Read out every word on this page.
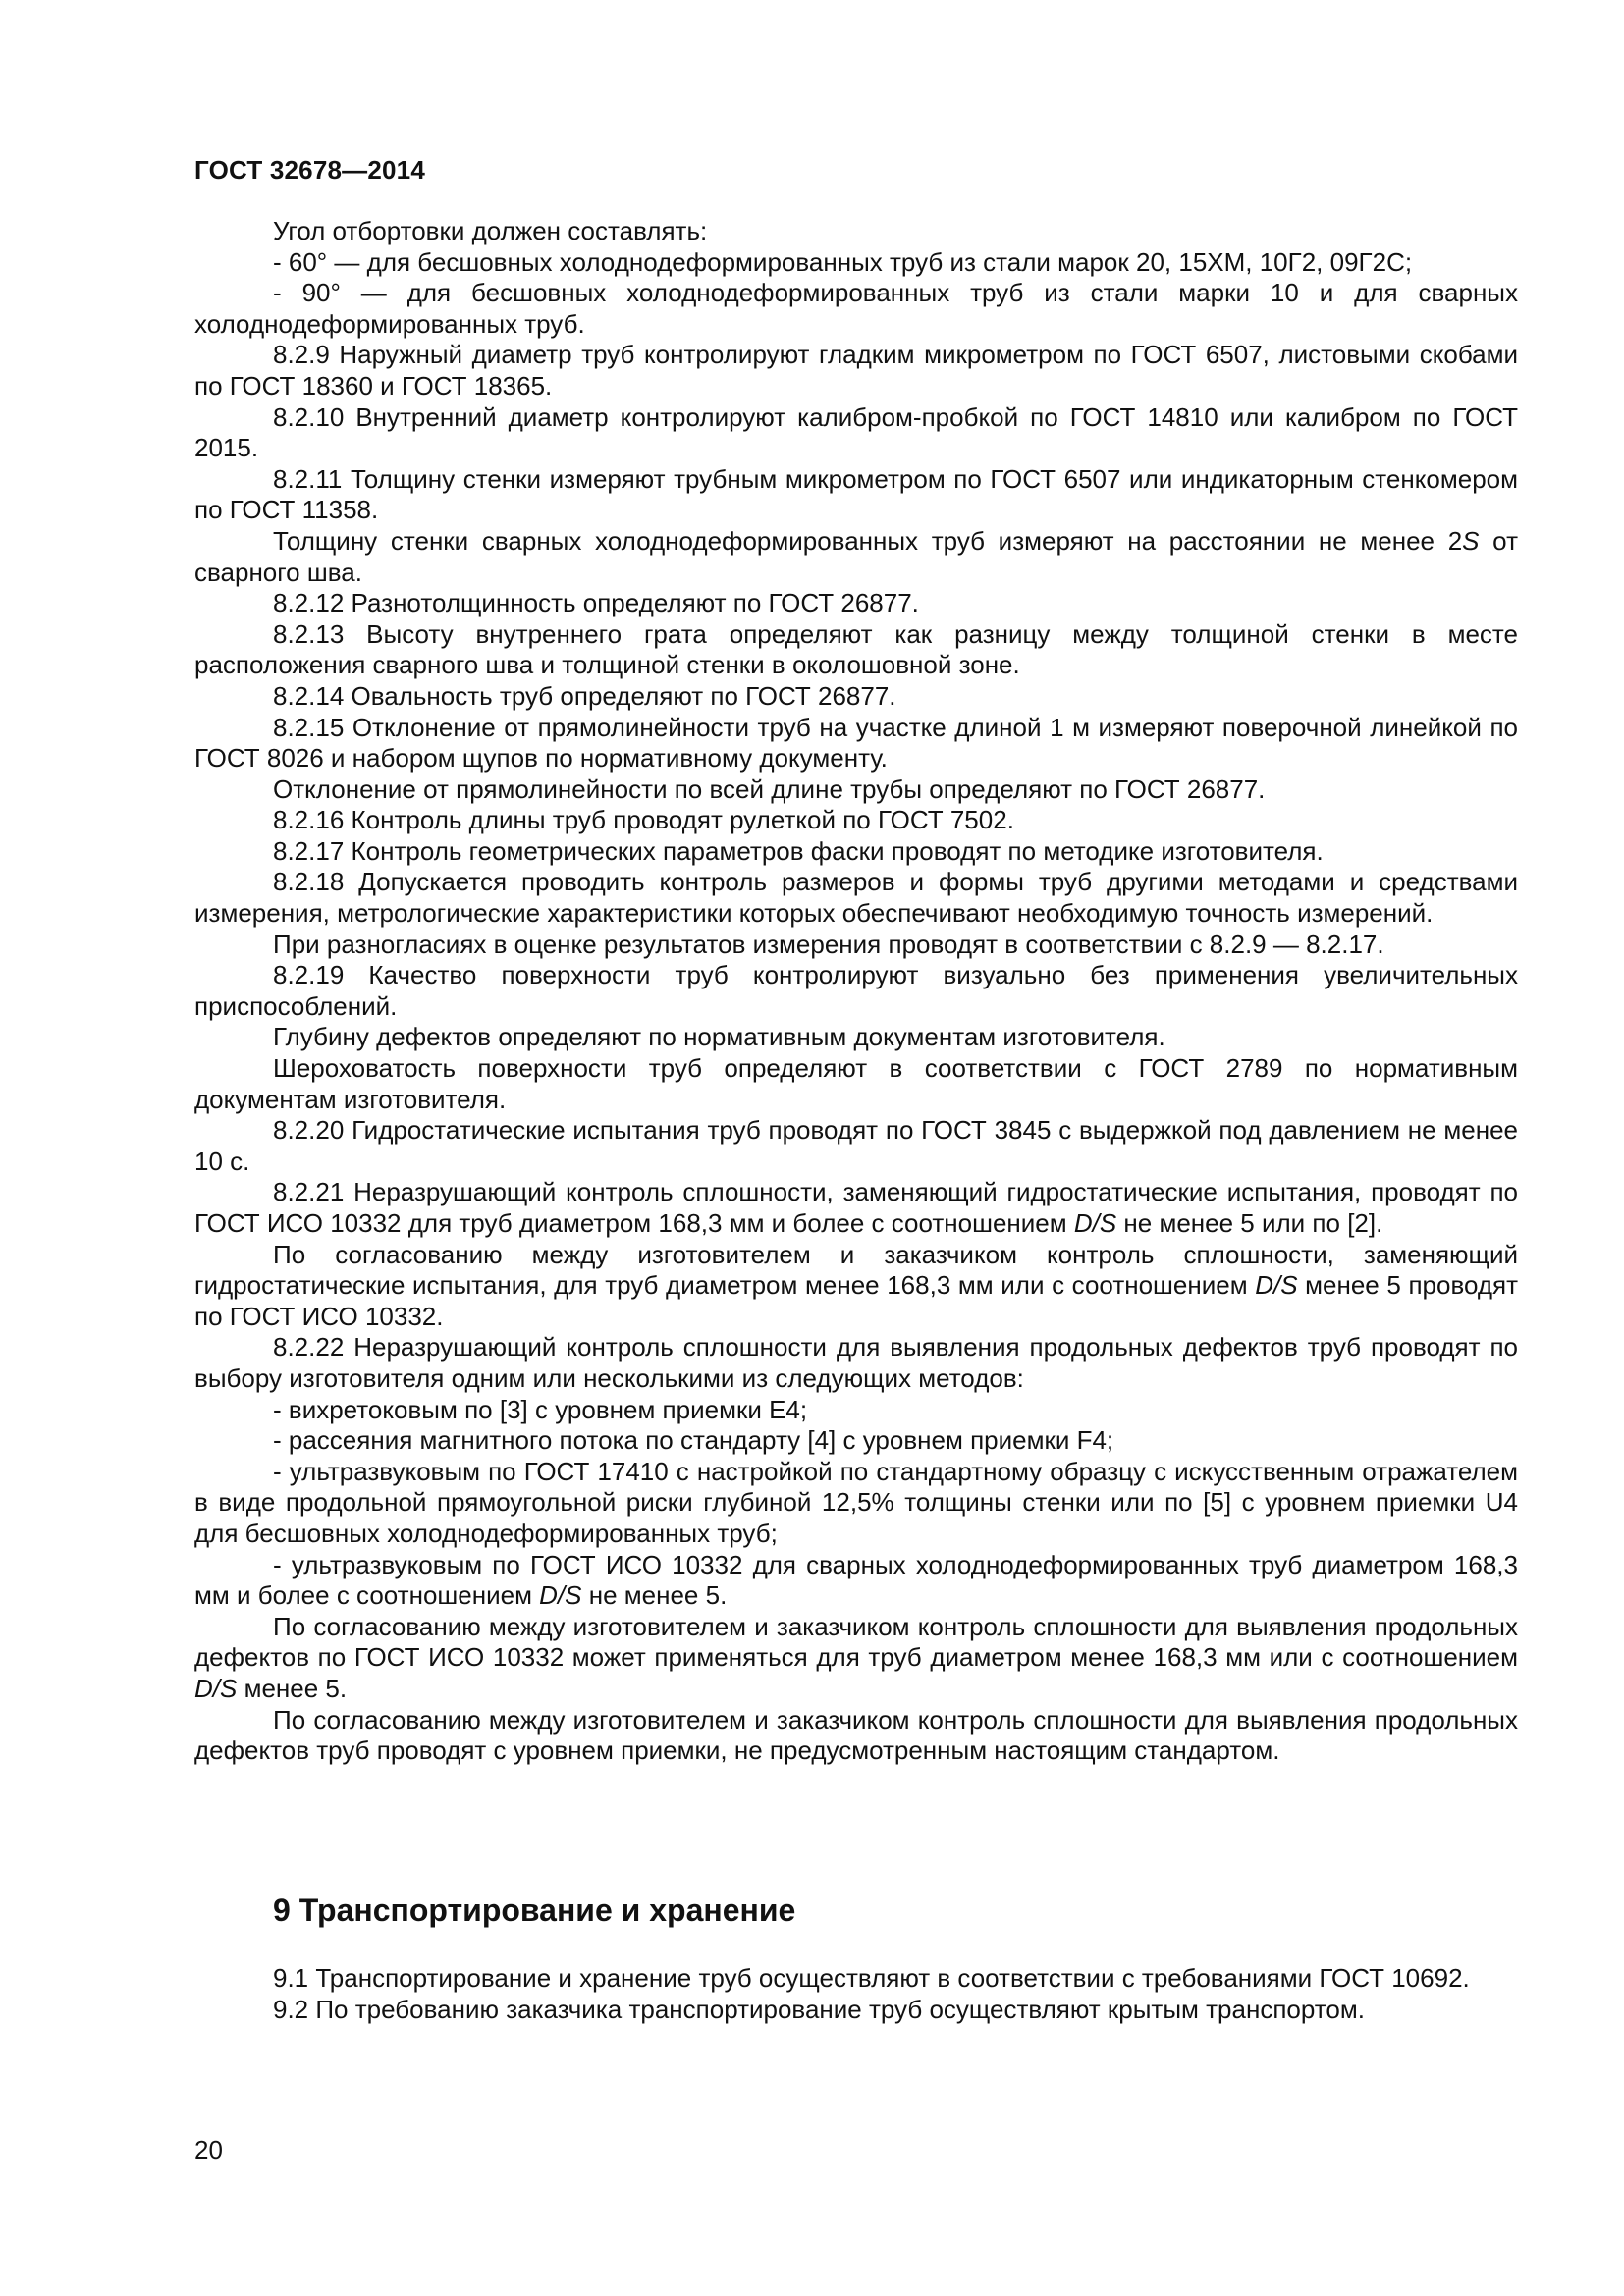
ГОСТ 32678—2014

Угол отбортовки должен составлять:

- 60° — для бесшовных холоднодеформированных труб из стали марок 20, 15ХМ, 10Г2, 09Г2С;

- 90° — для бесшовных холоднодеформированных труб из стали марки 10 и для сварных холоднодеформированных труб.

8.2.9 Наружный диаметр труб контролируют гладким микрометром по ГОСТ 6507, листовыми скобами по ГОСТ 18360 и ГОСТ 18365.

8.2.10 Внутренний диаметр контролируют калибром-пробкой по ГОСТ 14810 или калибром по ГОСТ 2015.

8.2.11 Толщину стенки измеряют трубным микрометром по ГОСТ 6507 или индикаторным стенкомером по ГОСТ 11358.

Толщину стенки сварных холоднодеформированных труб измеряют на расстоянии не менее 2S от сварного шва.

8.2.12 Разнотолщинность определяют по ГОСТ 26877.

8.2.13 Высоту внутреннего грата определяют как разницу между толщиной стенки в месте расположения сварного шва и толщиной стенки в околошовной зоне.

8.2.14 Овальность труб определяют по ГОСТ 26877.

8.2.15 Отклонение от прямолинейности труб на участке длиной 1 м измеряют поверочной линейкой по ГОСТ 8026 и набором щупов по нормативному документу.

Отклонение от прямолинейности по всей длине трубы определяют по ГОСТ 26877.

8.2.16 Контроль длины труб проводят рулеткой по ГОСТ 7502.

8.2.17 Контроль геометрических параметров фаски проводят по методике изготовителя.

8.2.18 Допускается проводить контроль размеров и формы труб другими методами и средствами измерения, метрологические характеристики которых обеспечивают необходимую точность измерений.

При разногласиях в оценке результатов измерения проводят в соответствии с 8.2.9 — 8.2.17.

8.2.19 Качество поверхности труб контролируют визуально без применения увеличительных приспособлений.

Глубину дефектов определяют по нормативным документам изготовителя.

Шероховатость поверхности труб определяют в соответствии с ГОСТ 2789 по нормативным документам изготовителя.

8.2.20 Гидростатические испытания труб проводят по ГОСТ 3845 с выдержкой под давлением не менее 10 с.

8.2.21 Неразрушающий контроль сплошности, заменяющий гидростатические испытания, проводят по ГОСТ ИСО 10332 для труб диаметром 168,3 мм и более с соотношением D/S не менее 5 или по [2].

По согласованию между изготовителем и заказчиком контроль сплошности, заменяющий гидростатические испытания, для труб диаметром менее 168,3 мм или с соотношением D/S менее 5 проводят по ГОСТ ИСО 10332.

8.2.22 Неразрушающий контроль сплошности для выявления продольных дефектов труб проводят по выбору изготовителя одним или несколькими из следующих методов:

- вихретоковым по [3] с уровнем приемки Е4;

- рассеяния магнитного потока по стандарту [4] с уровнем приемки F4;

- ультразвуковым по ГОСТ 17410 с настройкой по стандартному образцу с искусственным отражателем в виде продольной прямоугольной риски глубиной 12,5% толщины стенки или по [5] с уровнем приемки U4 для бесшовных холоднодеформированных труб;

- ультразвуковым по ГОСТ ИСО 10332 для сварных холоднодеформированных труб диаметром 168,3 мм и более с соотношением D/S не менее 5.

По согласованию между изготовителем и заказчиком контроль сплошности для выявления продольных дефектов по ГОСТ ИСО 10332 может применяться для труб диаметром менее 168,3 мм или с соотношением D/S менее 5.

По согласованию между изготовителем и заказчиком контроль сплошности для выявления продольных дефектов труб проводят с уровнем приемки, не предусмотренным настоящим стандартом.

9 Транспортирование и хранение

9.1 Транспортирование и хранение труб осуществляют в соответствии с требованиями ГОСТ 10692.

9.2 По требованию заказчика транспортирование труб осуществляют крытым транспортом.

20
